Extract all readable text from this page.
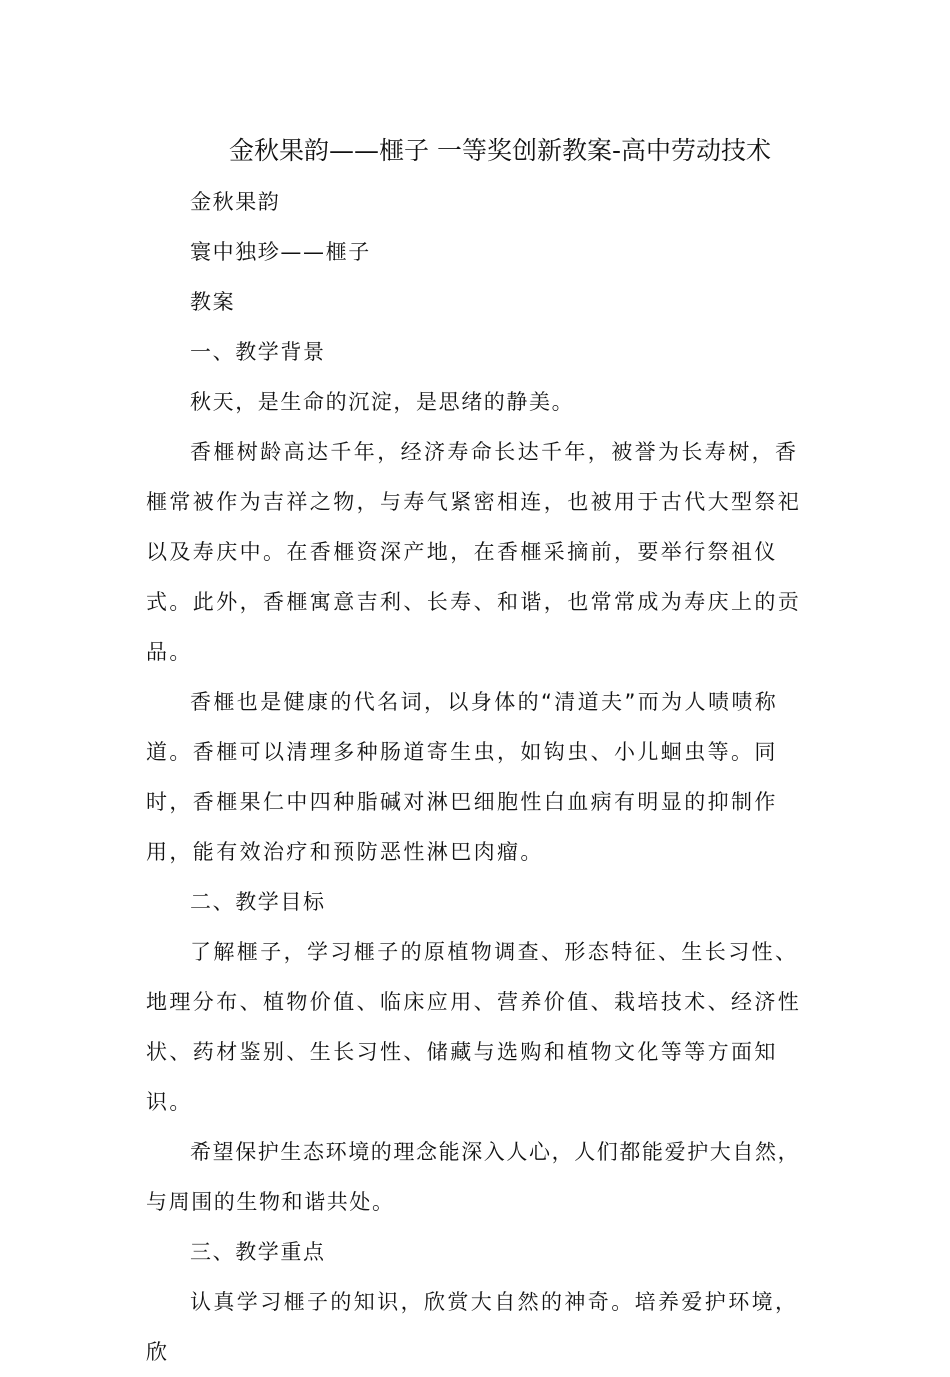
金秋果韵——榧子 一等奖创新教案-高中劳动技术

金秋果韵

寰中独珍——榧子

教案

一、教学背景

秋天，是生命的沉淀，是思绪的静美。

香榧树龄高达千年，经济寿命长达千年，被誉为长寿树，香榧常被作为吉祥之物，与寿气紧密相连，也被用于古代大型祭祀以及寿庆中。在香榧资深产地，在香榧采摘前，要举行祭祖仪式。此外，香榧寓意吉利、长寿、和谐，也常常成为寿庆上的贡品。

香榧也是健康的代名词，以身体的“清道夫”而为人啧啧称道。香榧可以清理多种肠道寄生虫，如钩虫、小儿蛔虫等。同时，香榧果仁中四种脂碱对淋巴细胞性白血病有明显的抑制作用，能有效治疗和预防恶性淋巴肉瘤。

二、教学目标

了解榧子，学习榧子的原植物调查、形态特征、生长习性、地理分布、植物价值、临床应用、营养价值、栽培技术、经济性状、药材鉴别、生长习性、储藏与选购和植物文化等等方面知识。

希望保护生态环境的理念能深入人心，人们都能爱护大自然，与周围的生物和谐共处。

三、教学重点

认真学习榧子的知识，欣赏大自然的神奇。培养爱护环境，欣
